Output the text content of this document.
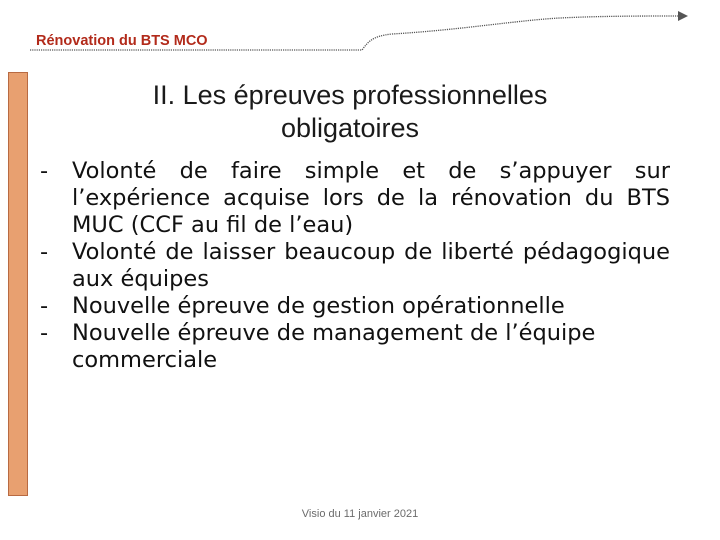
Rénovation du BTS MCO
II. Les épreuves professionnelles
obligatoires
- Volonté de faire simple et de s’appuyer sur l’expérience acquise lors de la rénovation du BTS MUC (CCF au fil de l’eau)
- Volonté de laisser beaucoup de liberté pédagogique aux équipes
- Nouvelle épreuve de gestion opérationnelle
- Nouvelle épreuve de management de l’équipe commerciale
Visio du 11 janvier 2021
